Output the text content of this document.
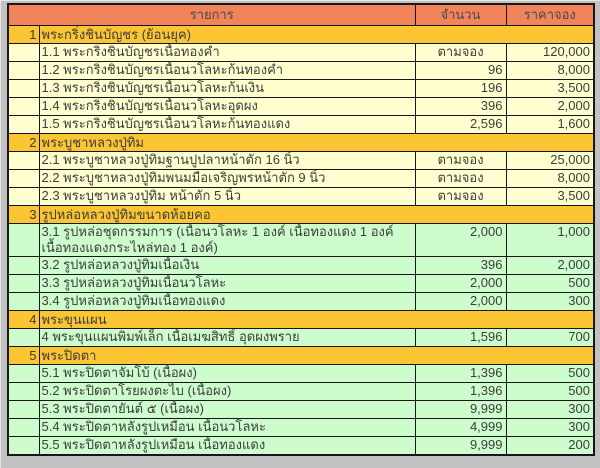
รายการ		จำนวน	ราคาจอง
1	พระกริ่งชินบัญชร (ย้อนยุค)		
	1.1 พระกริ่งชินบัญชรเนื้อทองคำ	ตามจอง	120,000
	1.2 พระกริ่งชินบัญชรเนื้อนวโลหะก้นทองคำ	96	8,000
	1.3 พระกริ่งชินบัญชรเนื้อนวโลหะก้นเงิน	196	3,500
	1.4 พระกริ่งชินบัญชรเนื้อนวโลหะอุดผง	396	2,000
	1.5 พระกริ่งชินบัญชรเนื้อนวโลหะก้นทองแดง	2,596	1,600
2	พระบูชาหลวงปู่ทิม		
	2.1 พระบูชาหลวงปู่ทิมฐานปูปลาหน้าตัก 16 นิ้ว	ตามจอง	25,000
	2.2 พระบูชาหลวงปู่ทิมพนมมือเจริญพรหน้าตัก 9 นิ้ว	ตามจอง	8,000
	2.3 พระบูชาหลวงปู่ทิม หน้าตัก 5 นิ้ว	ตามจอง	3,500
3	รูปหล่อหลวงปู่ทิมขนาดห้อยคอ		
	3.1 รูปหล่อชุดกรรมการ (เนื้อนวโลหะ 1 องค์ เนื้อทองแดง 1 องค์ เนื้อทองแดงกระไหล่ทอง 1 องค์)	2,000	1,000
	3.2 รูปหล่อหลวงปู่ทิมเนื้อเงิน	396	2,000
	3.3 รูปหล่อหลวงปู่ทิมเนื้อนวโลหะ	2,000	500
	3.4 รูปหล่อหลวงปู่ทิมเนื้อทองแดง	2,000	300
4	พระขุนแผน		
	4 พระขุนแผนพิมพ์เล็ก เนื้อเมฆสิทธิ์ อุดผงพราย	1,596	700
5	พระปิดตา		
	5.1 พระปิดตาจัมโบ้ (เนื้อผง)	1,396	500
	5.2 พระปิดตาโรยผงตะไบ (เนื้อผง)	1,396	500
	5.3 พระปิดตายันต์ ๕ (เนื้อผง)	9,999	300
	5.4 พระปิดตาหลังรูปเหมือน เนื้อนวโลหะ	4,999	300
	5.5 พระปิดตาหลังรูปเหมือน เนื้อทองแดง	9,999	200
